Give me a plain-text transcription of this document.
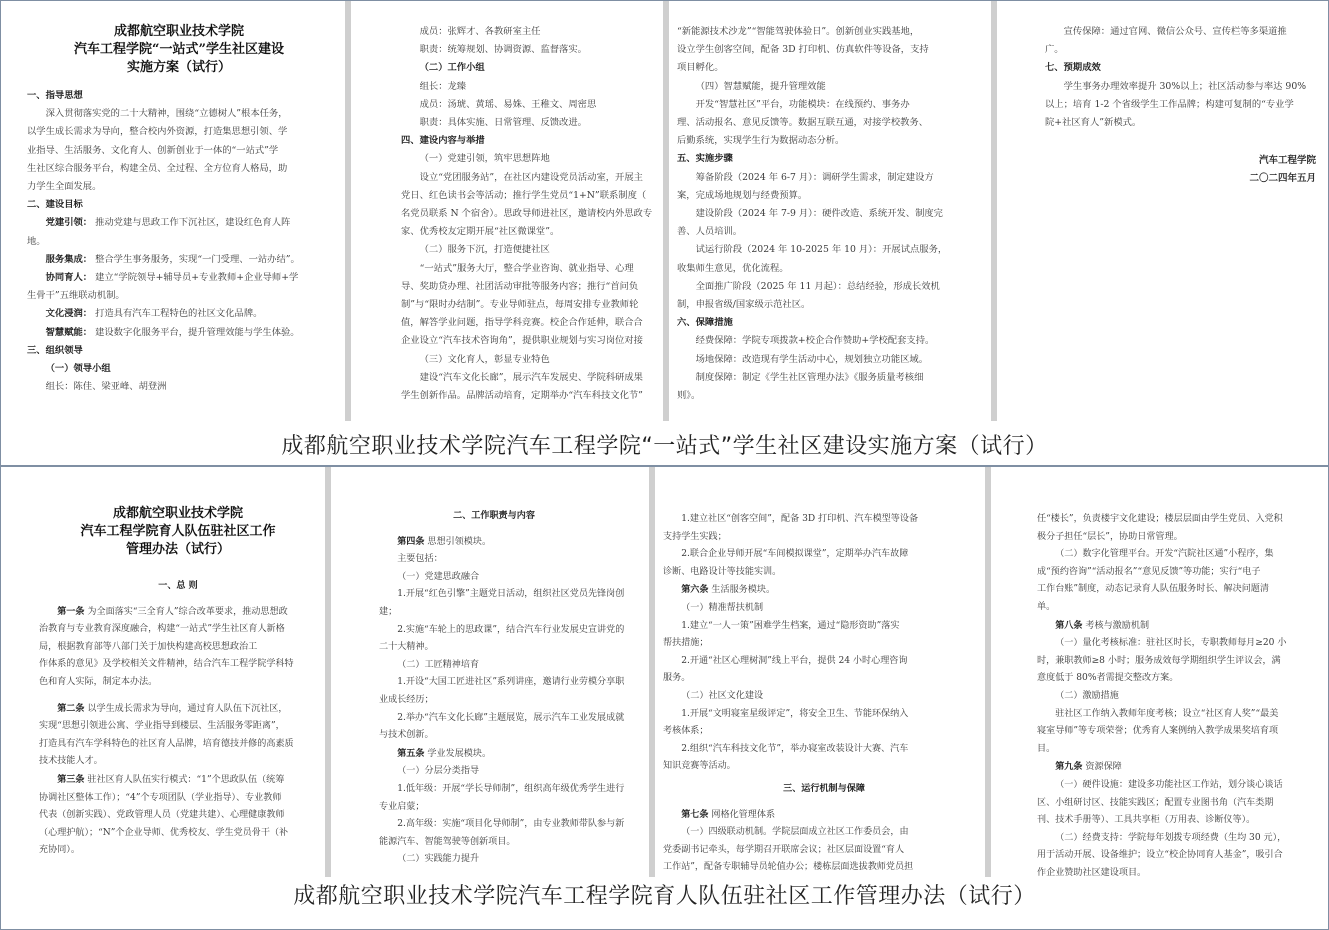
成都航空职业技术学院
汽车工程学院“一站式”学生社区建设
实施方案（试行）
一、指导思想
深入贯彻落实党的二十大精神，围绕“立德树人”根本任务，
以学生成长需求为导向，整合校内外资源，打造集思想引领、学
业指导、生活服务、文化育人、创新创业于一体的“一站式”学
生社区综合服务平台，构建全员、全过程、全方位育人格局，助
力学生全面发展。
二、建设目标
党建引领： 推动党建与思政工作下沉社区，建设红色育人阵
地。
服务集成： 整合学生事务服务，实现“一门受理、一站办结”。
协同育人： 建立“学院领导+辅导员+专业教师+企业导师+学
生骨干”五维联动机制。
文化浸润： 打造具有汽车工程特色的社区文化品牌。
智慧赋能： 建设数字化服务平台，提升管理效能与学生体验。
三、组织领导
（一）领导小组
组长：陈佳、梁亚峰、胡登洲
成员：张辉才、各教研室主任
职责：统筹规划、协调资源、监督落实。
（二）工作小组
组长：龙臻
成员：汤琥、黄瑶、易姝、王稚文、周密思
职责：具体实施、日常管理、反馈改进。
四、建设内容与举措
（一）党建引领，筑牢思想阵地
设立“党团服务站”，在社区内建设党员活动室，开展主
党日、红色读书会等活动；推行学生党员“1+N”联系制度（
名党员联系 N 个宿舍）。思政导师进社区，邀请校内外思政专
家、优秀校友定期开展“社区微课堂”。
（二）服务下沉，打造便捷社区
“一站式”服务大厅，整合学业咨询、就业指导、心理
导、奖助贷办理、社团活动审批等服务内容；推行“首问负
制”与“限时办结制”。专业导师驻点，每周安排专业教师轮
值，解答学业问题，指导学科竞赛。校企合作延伸，联合合
企业设立“汽车技术咨询角”，提供职业规划与实习岗位对接
（三）文化育人，彰显专业特色
建设“汽车文化长廊”，展示汽车发展史、学院科研成果
学生创新作品。品牌活动培育，定期举办“汽车科技文化节”
“新能源技术沙龙”“智能驾驶体验日”。创新创业实践基地，
设立学生创客空间，配备 3D 打印机、仿真软件等设备，支持
项目孵化。
（四）智慧赋能，提升管理效能
开发“智慧社区”平台，功能模块：在线预约、事务办
理、活动报名、意见反馈等。数据互联互通，对接学校教务、
后勤系统，实现学生行为数据动态分析。
五、实施步骤
筹备阶段（2024 年 6-7 月）：调研学生需求，制定建设方
案，完成场地规划与经费预算。
建设阶段（2024 年 7-9 月）：硬件改造、系统开发、制度完
善、人员培训。
试运行阶段（2024 年 10-2025 年 10 月）：开展试点服务，
收集师生意见，优化流程。
全面推广阶段（2025 年 11 月起）：总结经验，形成长效机
制，申报省级/国家级示范社区。
六、保障措施
经费保障：学院专项拨款+校企合作赞助+学校配套支持。
场地保障：改造现有学生活动中心，规划独立功能区域。
制度保障：制定《学生社区管理办法》《服务质量考核细
则》。
宣传保障：通过官网、微信公众号、宣传栏等多渠道推
广。
七、预期成效
学生事务办理效率提升 30%以上；社区活动参与率达 90%
以上；培育 1-2 个省级学生工作品牌；构建可复制的“专业学
院+社区育人”新模式。
汽车工程学院
二〇二四年五月
成都航空职业技术学院汽车工程学院“一站式”学生社区建设实施方案（试行）
成都航空职业技术学院
汽车工程学院育人队伍驻社区工作
管理办法（试行）
一、总 则
第一条 为全面落实“三全育人”综合改革要求，推动思想政
治教育与专业教育深度融合，构建“一站式”学生社区育人新格
局，根据教育部等八部门关于加快构建高校思想政治工
作体系的意见》及学校相关文件精神，结合汽车工程学院学科特
色和育人实际，制定本办法。
第二条 以学生成长需求为导向，通过育人队伍下沉社区，
实现“思想引领进公寓、学业指导到楼层、生活服务零距离”，
打造具有汽车学科特色的社区育人品牌，培育德技并修的高素质
技术技能人才。
第三条 驻社区育人队伍实行模式：“1”个思政队伍（统筹
协调社区整体工作）；“4”个专项团队（学业指导）、专业教师
代表（创新实践）、党政管理人员（党建共建）、心理健康教师
（心理护航）；“N”个企业导师、优秀校友、学生党员骨干（补
充协同）。
二、工作职责与内容
第四条 思想引领模块。
主要包括：
（一）党建思政融合
1.开展“红色引擎”主题党日活动，组织社区党员先锋岗创
建；
2.实施“车轮上的思政课”，结合汽车行业发展史宣讲党的
二十大精神。
（二）工匠精神培育
1.开设“大国工匠进社区”系列讲座，邀请行业劳模分享职
业成长经历；
2.举办“汽车文化长廊”主题展览，展示汽车工业发展成就
与技术创新。
第五条 学业发展模块。
（一）分层分类指导
1.低年级：开展“学长导师制”，组织高年级优秀学生进行
专业启蒙；
2.高年级：实施“项目化导师制”，由专业教师带队参与新
能源汽车、智能驾驶等创新项目。
（二）实践能力提升
1.建立社区“创客空间”，配备 3D 打印机、汽车模型等设备
支持学生实践；
2.联合企业导师开展“车间模拟课堂”，定期举办汽车故障
诊断、电路设计等技能实训。
第六条 生活服务模块。
（一）精准帮扶机制
1.建立“一人一策”困难学生档案，通过“隐形资助”落实
帮扶措施；
2.开通“社区心理树洞”线上平台，提供 24 小时心理咨询
服务。
（二）社区文化建设
1.开展“文明寝室星级评定”，将安全卫生、节能环保纳入
考核体系；
2.组织“汽车科技文化节”，举办寝室改装设计大赛、汽车
知识竞赛等活动。
三、运行机制与保障
第七条 网格化管理体系
（一）四级联动机制。学院层面成立社区工作委员会，由
党委副书记牵头，每学期召开联席会议；社区层面设置“育人
工作站”，配备专职辅导员轮值办公；楼栋层面选拔教师党员担
任“楼长”，负责楼宇文化建设；楼层层面由学生党员、入党积
极分子担任“层长”，协助日常管理。
（二）数字化管理平台。开发“汽院社区通”小程序，集
成“预约咨询”“活动报名”“意见反馈”等功能；实行“电子
工作台账”制度，动态记录育人队伍服务时长、解决问题清
单。
第八条 考核与激励机制
（一）量化考核标准：驻社区时长，专职教师每月≥20 小
时，兼职教师≥8 小时；服务成效每学期组织学生评议会，满
意度低于 80%者需提交整改方案。
（二）激励措施
驻社区工作纳入教师年度考核；设立“社区育人奖”“最美
寝室导师”等专项荣誉；优秀育人案例纳入教学成果奖培育项
目。
第九条 资源保障
（一）硬件设施：建设多功能社区工作站，划分谈心谈话
区、小组研讨区、技能实践区；配置专业图书角（汽车类期
刊、技术手册等）、工具共享柜（万用表、诊断仪等）。
（二）经费支持：学院每年划拨专项经费（生均 30 元），
用于活动开展、设备维护；设立“校企协同育人基金”，吸引合
作企业赞助社区建设项目。
成都航空职业技术学院汽车工程学院育人队伍驻社区工作管理办法（试行）
